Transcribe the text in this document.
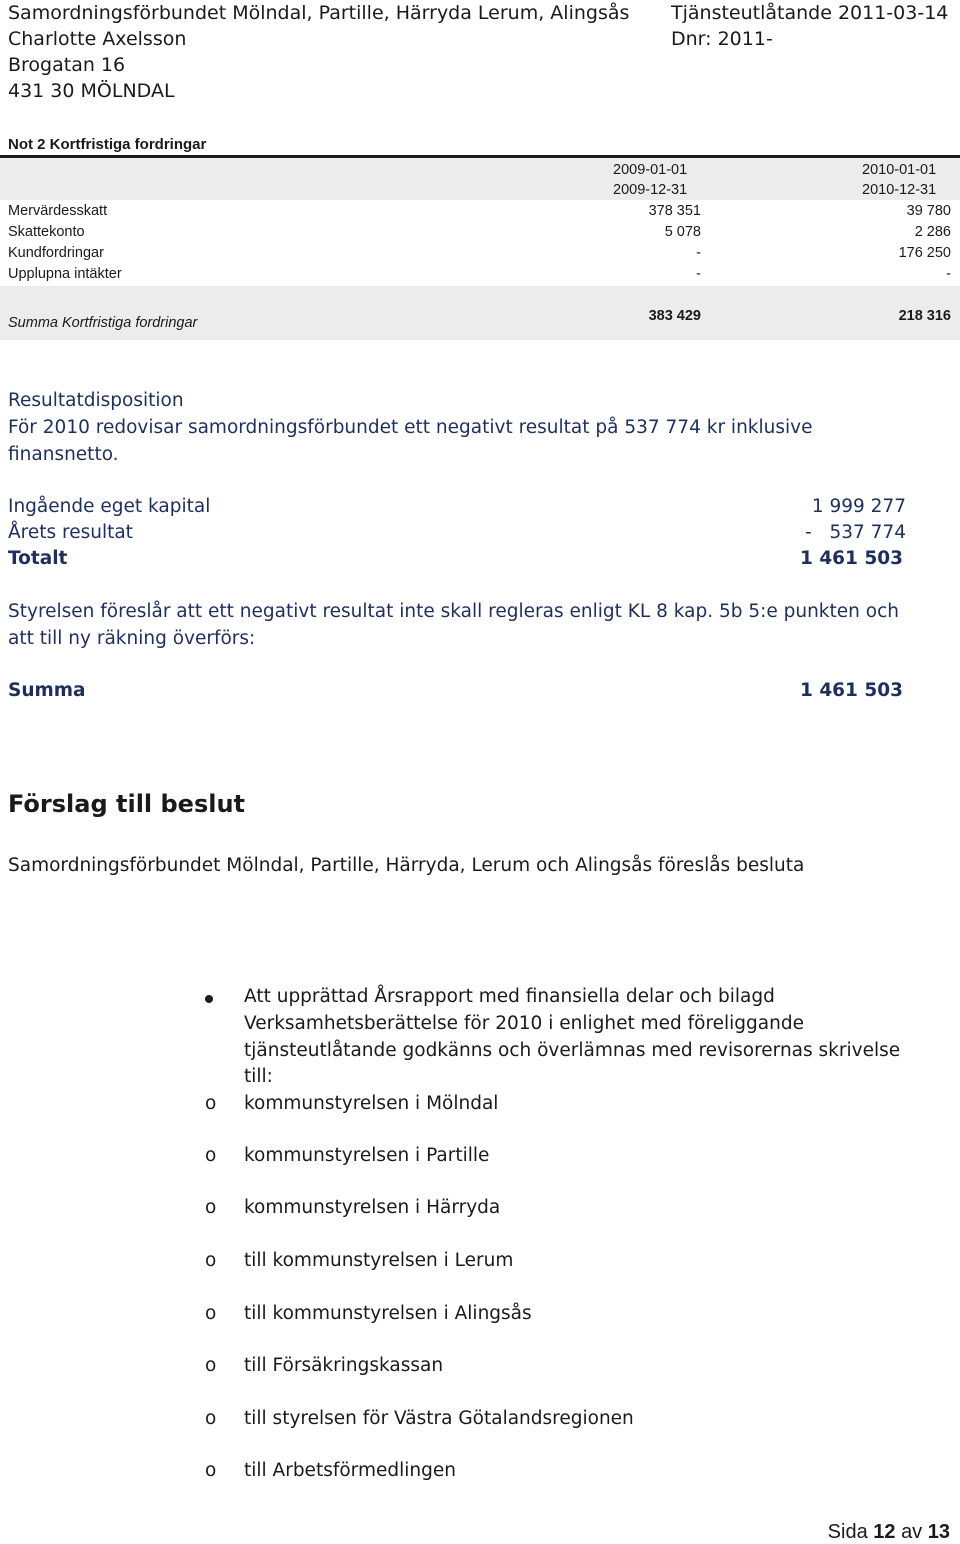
Samordningsförbundet Mölndal, Partille, Härryda Lerum, Alingsås Tjänsteutlåtande 2011-03-14
Charlotte Axelsson	Dnr: 2011-
Brogatan 16
431 30 MÖLNDAL
Not 2 Kortfristiga fordringar
2009-01-01	2010-01-01
2009-12-31	2010-12-31
Mervärdesskatt	378 351	39 780
Skattekonto	5 078	2 286
Kundfordringar	-	176 250
Upplupna intäkter	-	-
Summa Kortfristiga fordringar	383 429	218 316
Resultatdisposition
För 2010 redovisar samordningsförbundet ett negativt resultat på 537 774 kr inklusive
finansnetto.
Ingående eget kapital	1 999 277
Årets resultat	-   537 774
Totalt	1 461 503
Styrelsen föreslår att ett negativt resultat inte skall regleras enligt KL 8 kap. 5b 5:e punkten och
att till ny räkning överförs:
Summa	1 461 503
Förslag till beslut
Samordningsförbundet Mölndal, Partille, Härryda, Lerum och Alingsås föreslås besluta
Att upprättad Årsrapport med finansiella delar och bilagd
Verksamhetsberättelse för 2010 i enlighet med föreliggande
tjänsteutlåtande godkänns och överlämnas med revisorernas skrivelse
till:
o kommunstyrelsen i Mölndal
o kommunstyrelsen i Partille
o kommunstyrelsen i Härryda
o till kommunstyrelsen i Lerum
o till kommunstyrelsen i Alingsås
o till Försäkringskassan
o till styrelsen för Västra Götalandsregionen
o till Arbetsförmedlingen
Sida 12 av 13
